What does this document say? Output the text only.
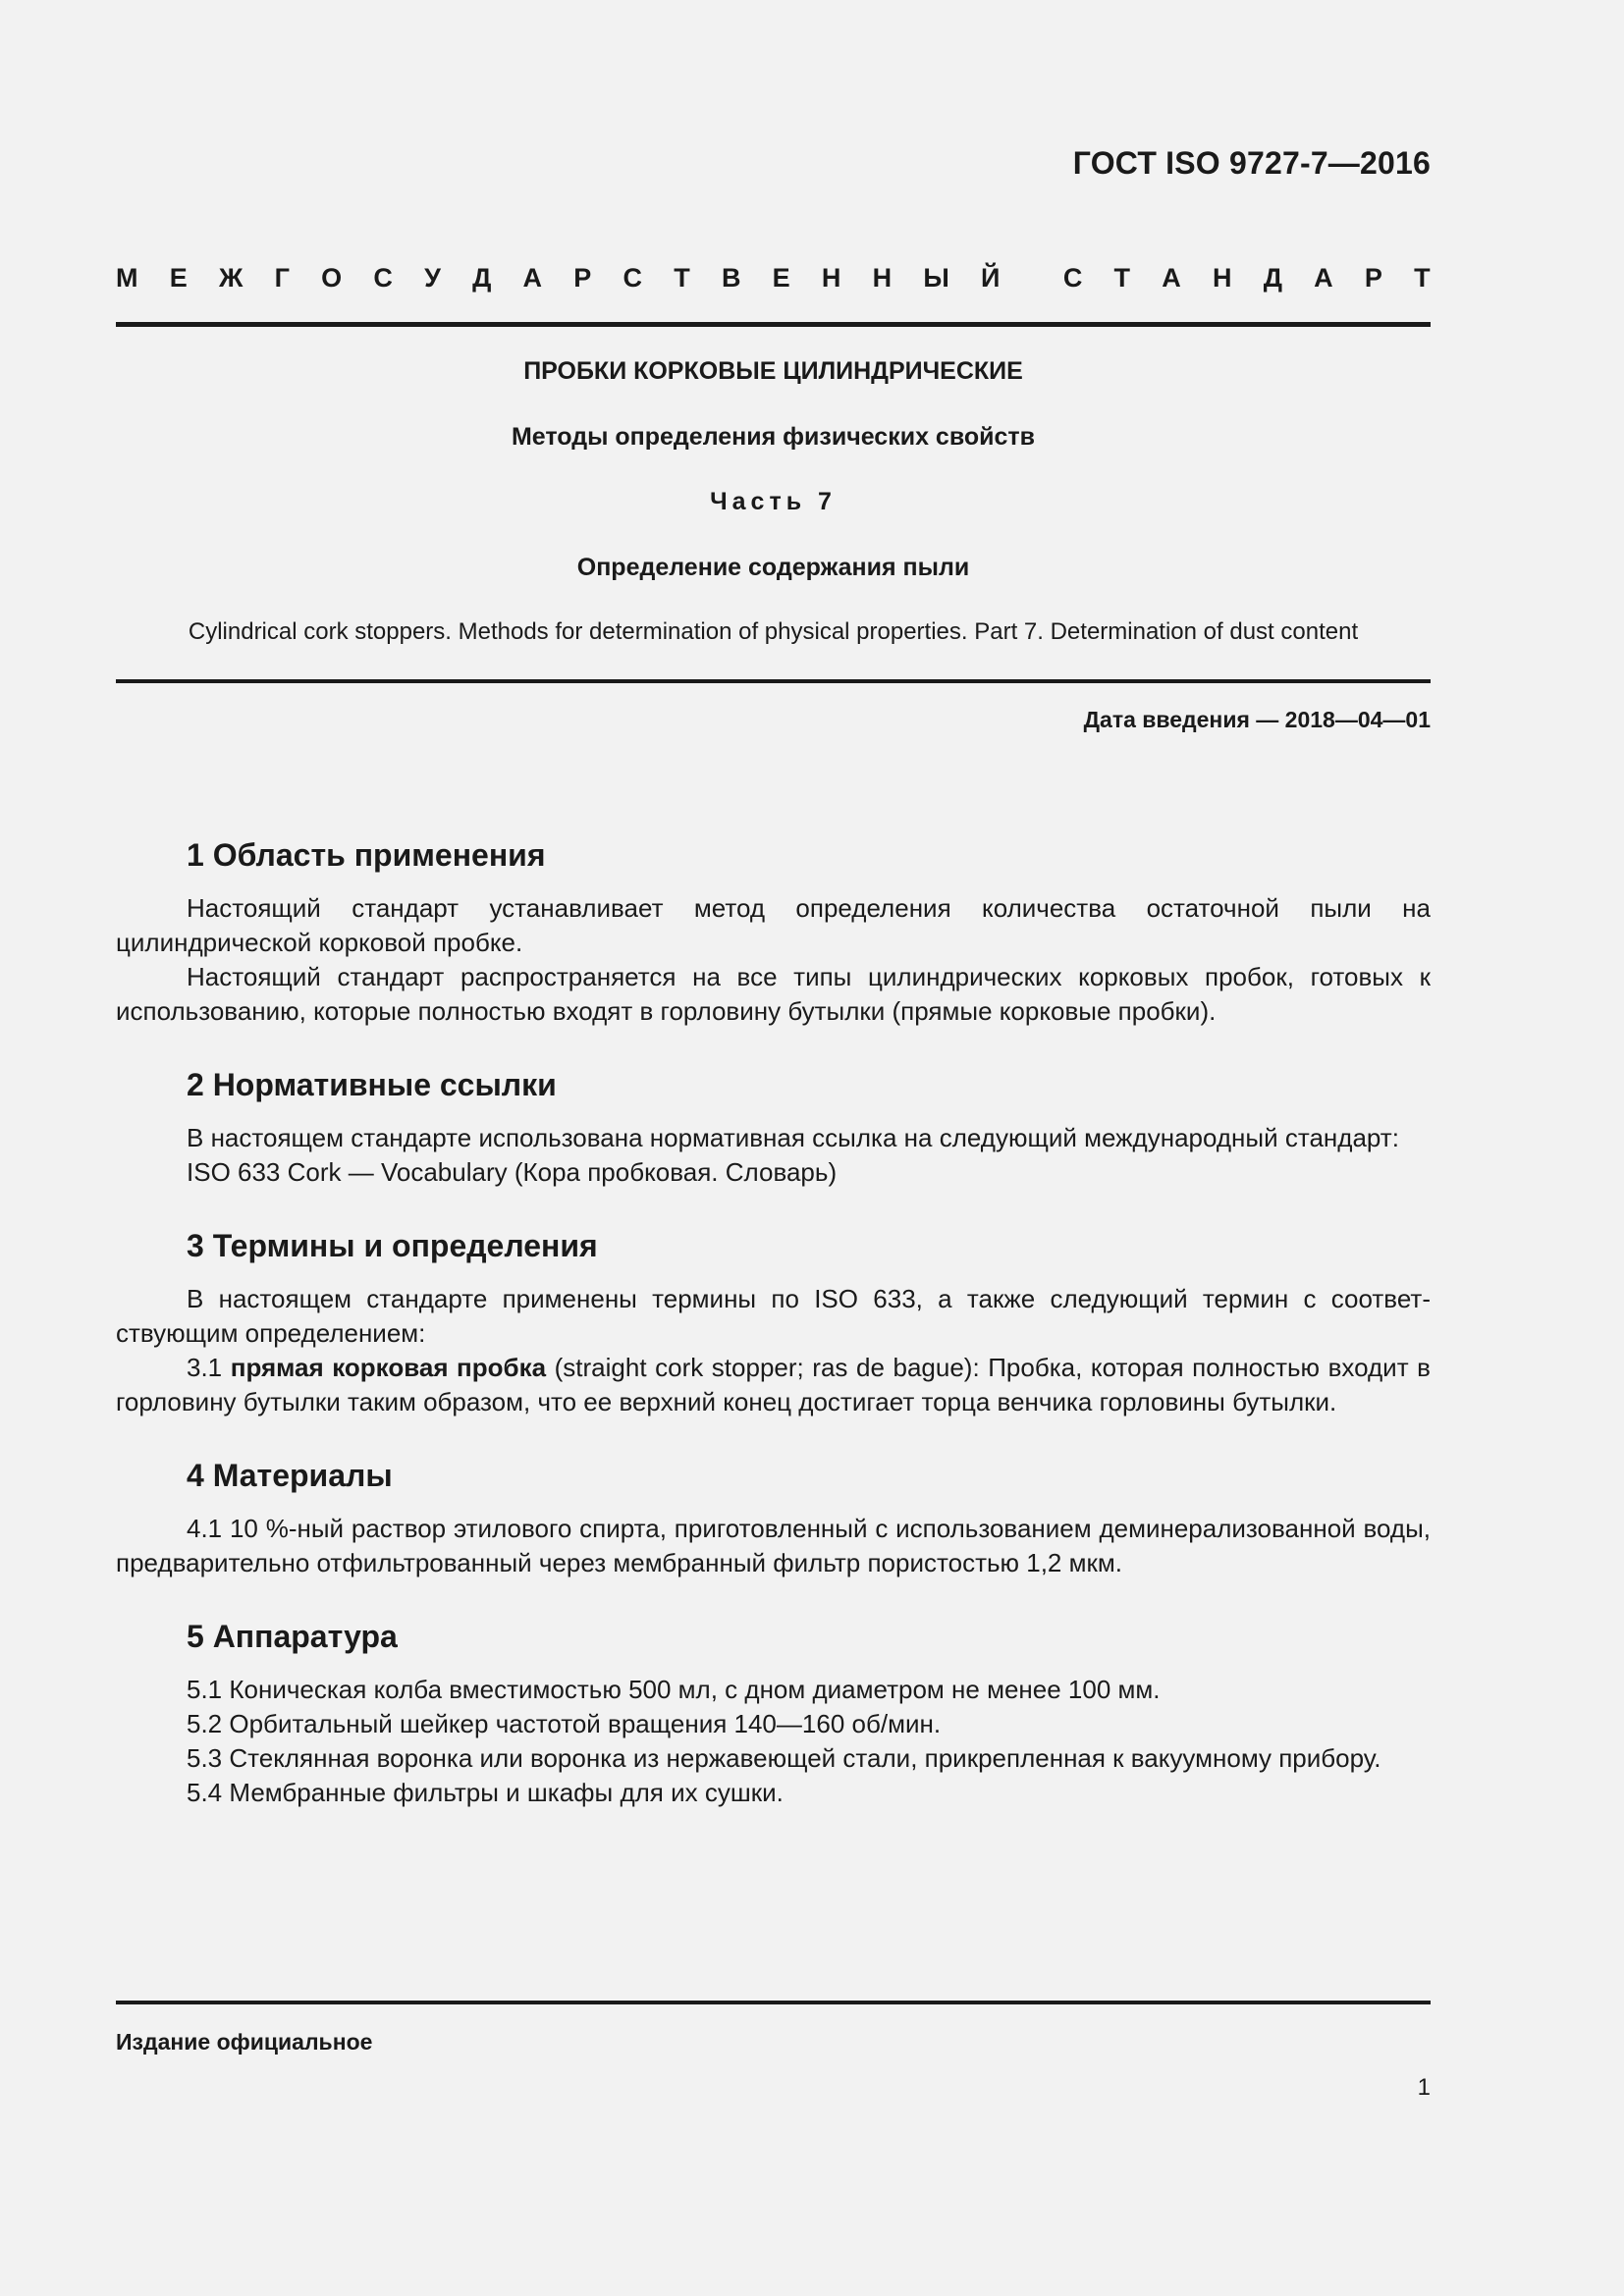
ГОСТ ISO 9727-7—2016
М Е Ж Г О С У Д А Р С Т В Е Н Н Ы Й С Т А Н Д А Р Т
ПРОБКИ КОРКОВЫЕ ЦИЛИНДРИЧЕСКИЕ
Методы определения физических свойств
Часть 7
Определение содержания пыли
Cylindrical cork stoppers. Methods for determination of physical properties. Part 7. Determination of dust content
Дата введения — 2018—04—01
1 Область применения

Настоящий стандарт устанавливает метод определения количества остаточной пыли на цилиндрической корковой пробке.

Настоящий стандарт распространяется на все типы цилиндрических корковых пробок, готовых к использованию, которые полностью входят в горловину бутылки (прямые корковые пробки).

2 Нормативные ссылки

В настоящем стандарте использована нормативная ссылка на следующий международный стандарт:

ISO 633 Cork — Vocabulary (Кора пробковая. Словарь)

3 Термины и определения

В настоящем стандарте применены термины по ISO 633, а также следующий термин с соответ-ствующим определением:

3.1 прямая корковая пробка (straight cork stopper; ras de bague): Пробка, которая полностью входит в горловину бутылки таким образом, что ее верхний конец достигает торца венчика горловины бутылки.

4 Материалы

4.1 10 %-ный раствор этилового спирта, приготовленный с использованием деминерализованной воды, предварительно отфильтрованный через мембранный фильтр пористостью 1,2 мкм.

5 Аппаратура

5.1 Коническая колба вместимостью 500 мл, с дном диаметром не менее 100 мм.

5.2 Орбитальный шейкер частотой вращения 140—160 об/мин.

5.3 Стеклянная воронка или воронка из нержавеющей стали, прикрепленная к вакуумному прибору.

5.4 Мембранные фильтры и шкафы для их сушки.

Издание официальное
1
